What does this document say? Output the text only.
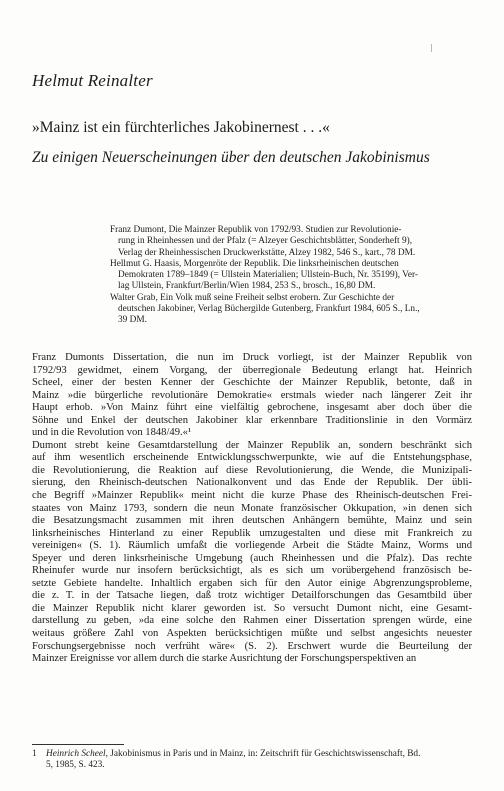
Helmut Reinalter
»Mainz ist ein fürchterliches Jakobinernest . . .«
Zu einigen Neuerscheinungen über den deutschen Jakobinismus
Franz Dumont, Die Mainzer Republik von 1792/93. Studien zur Revolutionie-
rung in Rheinhessen und der Pfalz (= Alzeyer Geschichtsblätter, Sonderheft 9),
Verlag der Rheinhessischen Druckwerkstätte, Alzey 1982, 546 S., kart., 78 DM.
Hellmut G. Haasis, Morgenröte der Republik. Die linksrheinischen deutschen
Demokraten 1789–1849 (= Ullstein Materialien; Ullstein-Buch, Nr. 35199), Ver-
lag Ullstein, Frankfurt/Berlin/Wien 1984, 253 S., brosch., 16,80 DM.
Walter Grab, Ein Volk muß seine Freiheit selbst erobern. Zur Geschichte der
deutschen Jakobiner, Verlag Büchergilde Gutenberg, Frankfurt 1984, 605 S., Ln.,
39 DM.
Franz Dumonts Dissertation, die nun im Druck vorliegt, ist der Mainzer Republik von
1792/93 gewidmet, einem Vorgang, der überregionale Bedeutung erlangt hat. Heinrich
Scheel, einer der besten Kenner der Geschichte der Mainzer Republik, betonte, daß in
Mainz »die bürgerliche revolutionäre Demokratie« erstmals wieder nach längerer Zeit ihr
Haupt erhob. »Von Mainz führt eine vielfältig gebrochene, insgesamt aber doch über die
Söhne und Enkel der deutschen Jakobiner klar erkennbare Traditionslinie in den Vormärz
und in die Revolution von 1848/49.«¹
Dumont strebt keine Gesamtdarstellung der Mainzer Republik an, sondern beschränkt sich
auf ihm wesentlich erscheinende Entwicklungsschwerpunkte, wie auf die Entstehungsphase,
die Revolutionierung, die Reaktion auf diese Revolutionierung, die Wende, die Munizipali-
sierung, den Rheinisch-deutschen Nationalkonvent und das Ende der Republik. Der übli-
che Begriff »Mainzer Republik« meint nicht die kurze Phase des Rheinisch-deutschen Frei-
staates von Mainz 1793, sondern die neun Monate französischer Okkupation, »in denen sich
die Besatzungsmacht zusammen mit ihren deutschen Anhängern bemühte, Mainz und sein
linksrheinisches Hinterland zu einer Republik umzugestalten und diese mit Frankreich zu
vereinigen« (S. 1). Räumlich umfaßt die vorliegende Arbeit die Städte Mainz, Worms und
Speyer und deren linksrheinische Umgebung (auch Rheinhessen und die Pfalz). Das rechte
Rheinufer wurde nur insofern berücksichtigt, als es sich um vorübergehend französisch be-
setzte Gebiete handelte. Inhaltlich ergaben sich für den Autor einige Abgrenzungsprobleme,
die z. T. in der Tatsache liegen, daß trotz wichtiger Detailforschungen das Gesamtbild über
die Mainzer Republik nicht klarer geworden ist. So versucht Dumont nicht, eine Gesamt-
darstellung zu geben, »da eine solche den Rahmen einer Dissertation sprengen würde, eine
weitaus größere Zahl von Aspekten berücksichtigen müßte und selbst angesichts neuester
Forschungsergebnisse noch verfrüht wäre« (S. 2). Erschwert wurde die Beurteilung der
Mainzer Ereignisse vor allem durch die starke Ausrichtung der Forschungsperspektiven an
1 Heinrich Scheel, Jakobinismus in Paris und in Mainz, in: Zeitschrift für Geschichtswissenschaft, Bd.
5, 1985, S. 423.
